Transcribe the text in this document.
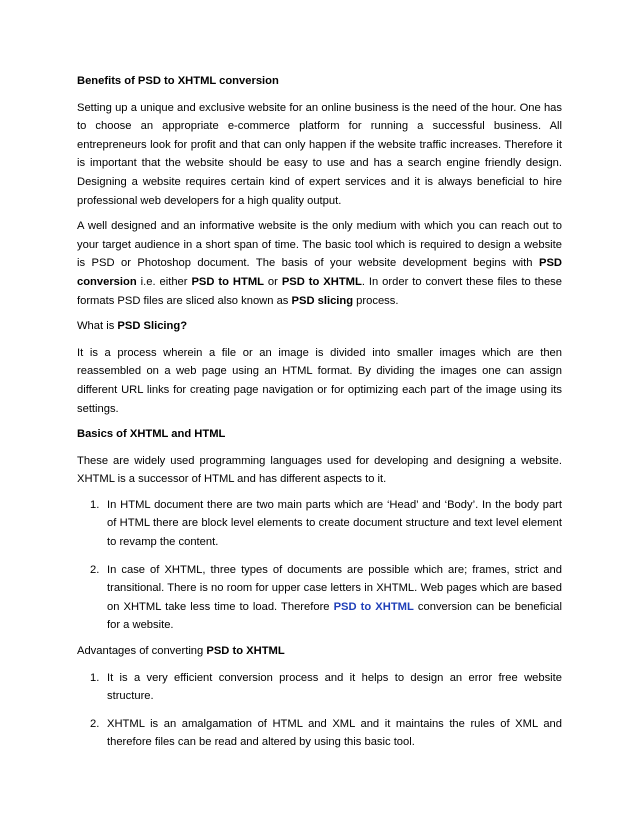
Benefits of PSD to XHTML conversion

Setting up a unique and exclusive website for an online business is the need of the hour. One has to choose an appropriate e-commerce platform for running a successful business. All entrepreneurs look for profit and that can only happen if the website traffic increases. Therefore it is important that the website should be easy to use and has a search engine friendly design. Designing a website requires certain kind of expert services and it is always beneficial to hire professional web developers for a high quality output.

A well designed and an informative website is the only medium with which you can reach out to your target audience in a short span of time. The basic tool which is required to design a website is PSD or Photoshop document. The basis of your website development begins with PSD conversion i.e. either PSD to HTML or PSD to XHTML. In order to convert these files to these formats PSD files are sliced also known as PSD slicing process.

What is PSD Slicing?

It is a process wherein a file or an image is divided into smaller images which are then reassembled on a web page using an HTML format. By dividing the images one can assign different URL links for creating page navigation or for optimizing each part of the image using its settings.

Basics of XHTML and HTML

These are widely used programming languages used for developing and designing a website. XHTML is a successor of HTML and has different aspects to it.

1. In HTML document there are two main parts which are ‘Head’ and ‘Body’. In the body part of HTML there are block level elements to create document structure and text level element to revamp the content.
2. In case of XHTML, three types of documents are possible which are; frames, strict and transitional. There is no room for upper case letters in XHTML. Web pages which are based on XHTML take less time to load. Therefore PSD to XHTML conversion can be beneficial for a website.

Advantages of converting PSD to XHTML

1. It is a very efficient conversion process and it helps to design an error free website structure.
2. XHTML is an amalgamation of HTML and XML and it maintains the rules of XML and therefore files can be read and altered by using this basic tool.
